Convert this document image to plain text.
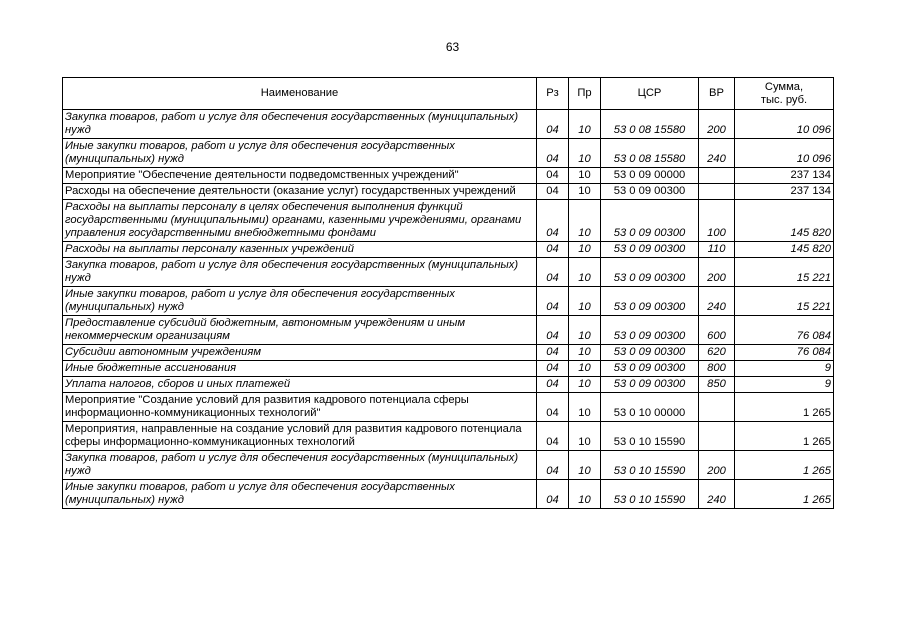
63
Наименование	Рз	Пр	ЦСР	ВР	Сумма,
тыс. руб.
Закупка товаров, работ и услуг для обеспечения государственных (муниципальных) нужд	04	10	53 0 08 15580	200	10 096
Иные закупки товаров, работ и услуг для обеспечения государственных (муниципальных) нужд	04	10	53 0 08 15580	240	10 096
Мероприятие "Обеспечение деятельности подведомственных учреждений"	04	10	53 0 09 00000		237 134
Расходы на обеспечение деятельности (оказание услуг) государственных учреждений	04	10	53 0 09 00300		237 134
Расходы на выплаты персоналу в целях обеспечения выполнения функций государственными (муниципальными) органами, казенными учреждениями, органами управления государственными внебюджетными фондами	04	10	53 0 09 00300	100	145 820
Расходы на выплаты персоналу казенных учреждений	04	10	53 0 09 00300	110	145 820
Закупка товаров, работ и услуг для обеспечения государственных (муниципальных) нужд	04	10	53 0 09 00300	200	15 221
Иные закупки товаров, работ и услуг для обеспечения государственных (муниципальных) нужд	04	10	53 0 09 00300	240	15 221
Предоставление субсидий бюджетным, автономным учреждениям и иным некоммерческим организациям	04	10	53 0 09 00300	600	76 084
Субсидии автономным учреждениям	04	10	53 0 09 00300	620	76 084
Иные бюджетные ассигнования	04	10	53 0 09 00300	800	9
Уплата налогов, сборов и иных платежей	04	10	53 0 09 00300	850	9
Мероприятие "Создание условий для развития кадрового потенциала сферы информационно-коммуникационных технологий"	04	10	53 0 10 00000		1 265
Мероприятия, направленные на создание условий для развития кадрового потенциала сферы информационно-коммуникационных технологий	04	10	53 0 10 15590		1 265
Закупка товаров, работ и услуг для обеспечения государственных (муниципальных) нужд	04	10	53 0 10 15590	200	1 265
Иные закупки товаров, работ и услуг для обеспечения государственных (муниципальных) нужд	04	10	53 0 10 15590	240	1 265
